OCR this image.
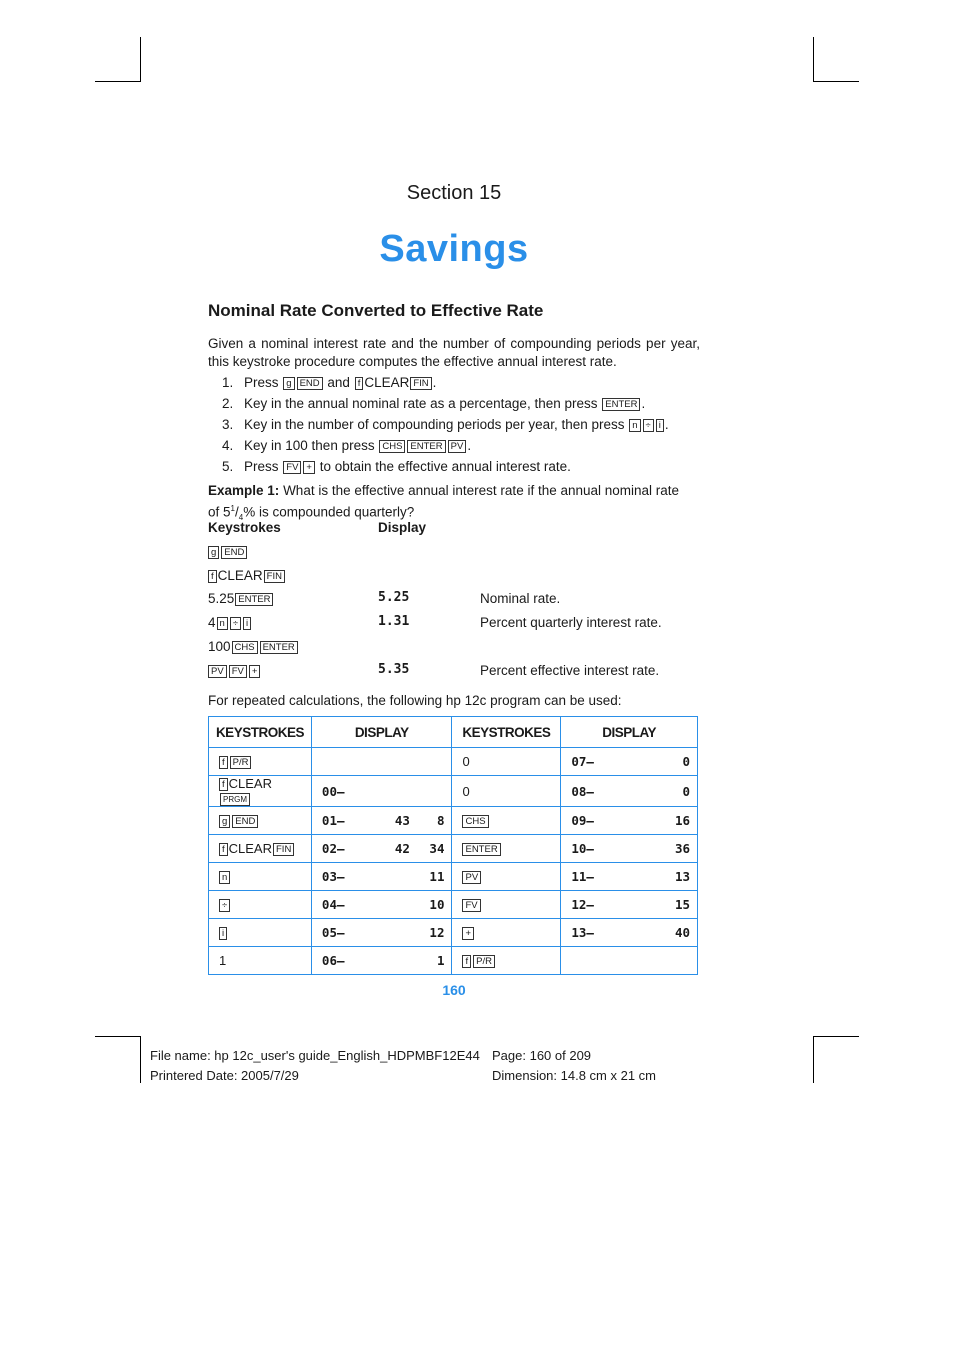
Section 15
Savings
Nominal Rate Converted to Effective Rate
Given a nominal interest rate and the number of compounding periods per year, this keystroke procedure computes the effective annual interest rate.
1. Press g END and f CLEAR FIN .
2. Key in the annual nominal rate as a percentage, then press ENTER .
3. Key in the number of compounding periods per year, then press n ÷ i .
4. Key in 100 then press CHS ENTER PV .
5. Press FV + to obtain the effective annual interest rate.
Example 1: What is the effective annual interest rate if the annual nominal rate
of $5^1/_4\%$ is compounded quarterly?
Keystrokes	Display
g END
f CLEAR FIN
5.25 ENTER	5.25	Nominal rate.
4 n ÷ i	1.31	Percent quarterly interest rate.
100 CHS ENTER
PV FV +	5.35	Percent effective interest rate.
For repeated calculations, the following hp 12c program can be used:
KEYSTROKES	DISPLAY	KEYSTROKES	DISPLAY
f P/R		0	07– 0

f CLEARPRGM	00–	0	08– 0

g END	01– 43 8	CHS	09– 16

f CLEAR FIN	02– 42 34	ENTER	10– 36

n	03– 11	PV	11– 13

÷	04– 10	FV	12– 15

i	05– 12	+	13– 40

1	06– 1	f P/R	
160
File name: hp 12c_user's guide_English_HDPMBF12E44
Printered Date: 2005/7/29
Page: 160 of 209
Dimension: 14.8 cm x 21 cm
